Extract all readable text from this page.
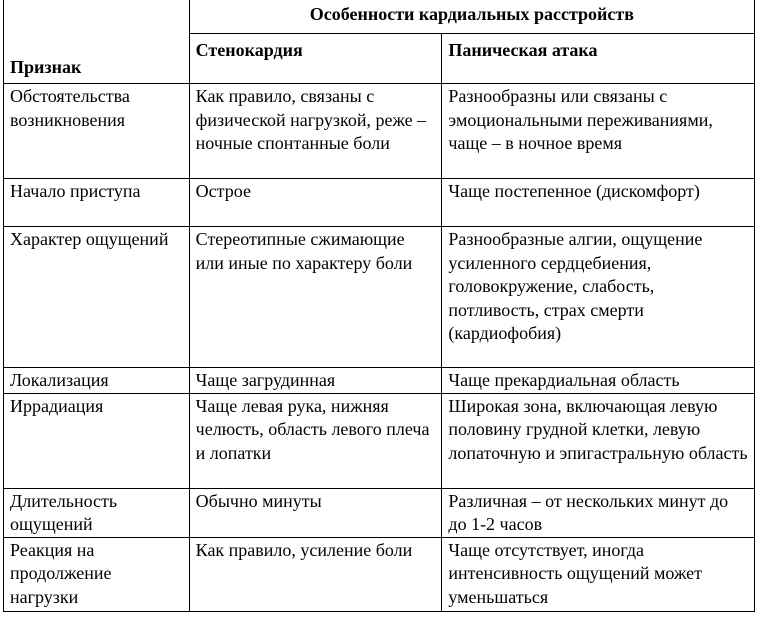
Признак	Особенности кардиальных расстройств	
	Стенокардия	Паническая атака

Обстоятельства возникновения	Как правило, связаны с физической нагрузкой, реже – ночные спонтанные боли	Разнообразны или связаны с эмоциональными переживаниями, чаще – в ночное время

Начало приступа	Острое	Чаще постепенное (дискомфорт)

Характер ощущений	Стереотипные сжимающие или иные по характеру боли	Разнообразные алгии, ощущение усиленного сердцебиения, головокружение, слабость, потливость, страх смерти (кардиофобия)

Локализация	Чаще загрудинная	Чаще прекардиальная область

Иррадиация	Чаще левая рука, нижняя челюсть, область левого плеча и лопатки	Широкая зона, включающая левую половину грудной клетки, левую лопаточную и эпигастральную область

Длительность ощущений	Обычно минуты	Различная – от нескольких минут до до 1-2 часов

Реакция на продолжение нагрузки	Как правило, усиление боли	Чаще отсутствует, иногда интенсивность ощущений может уменьшаться
